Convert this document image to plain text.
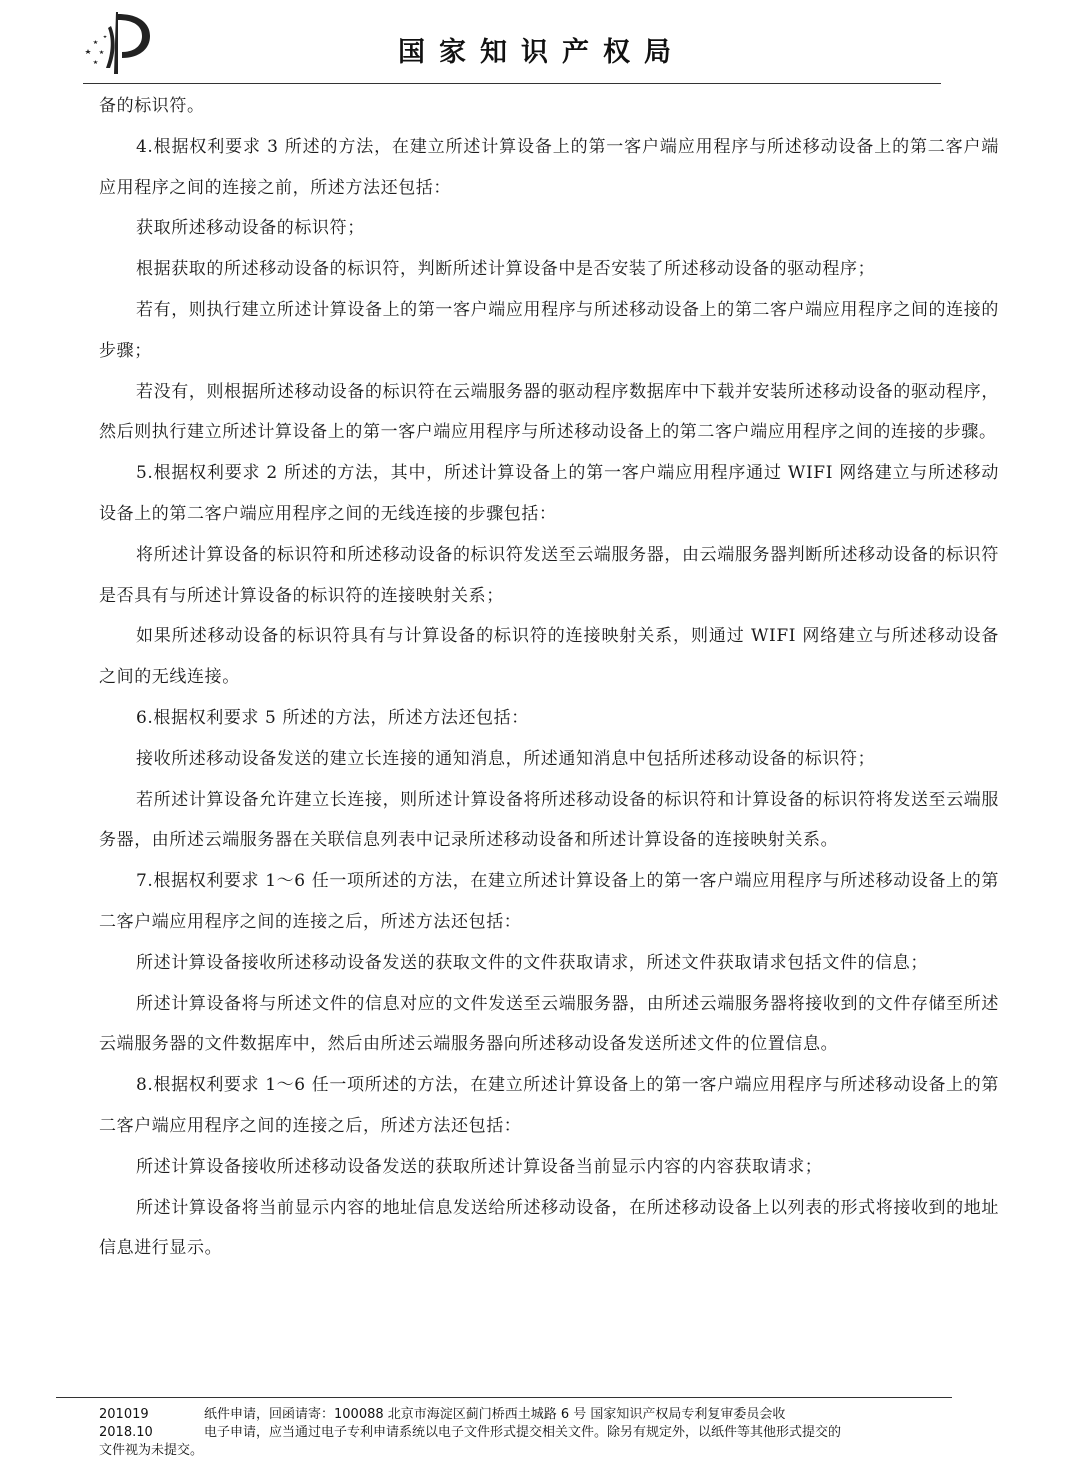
国家知识产权局

备的标识符。

4.根据权利要求 3 所述的方法，在建立所述计算设备上的第一客户端应用程序与所述移动设备上的第二客户端应用程序之间的连接之前，所述方法还包括：

获取所述移动设备的标识符；

根据获取的所述移动设备的标识符，判断所述计算设备中是否安装了所述移动设备的驱动程序；

若有，则执行建立所述计算设备上的第一客户端应用程序与所述移动设备上的第二客户端应用程序之间的连接的步骤；

若没有，则根据所述移动设备的标识符在云端服务器的驱动程序数据库中下载并安装所述移动设备的驱动程序，然后则执行建立所述计算设备上的第一客户端应用程序与所述移动设备上的第二客户端应用程序之间的连接的步骤。

5.根据权利要求 2 所述的方法，其中，所述计算设备上的第一客户端应用程序通过 WIFI 网络建立与所述移动设备上的第二客户端应用程序之间的无线连接的步骤包括：

将所述计算设备的标识符和所述移动设备的标识符发送至云端服务器，由云端服务器判断所述移动设备的标识符是否具有与所述计算设备的标识符的连接映射关系；

如果所述移动设备的标识符具有与计算设备的标识符的连接映射关系，则通过 WIFI 网络建立与所述移动设备之间的无线连接。

6.根据权利要求 5 所述的方法，所述方法还包括：

接收所述移动设备发送的建立长连接的通知消息，所述通知消息中包括所述移动设备的标识符；

若所述计算设备允许建立长连接，则所述计算设备将所述移动设备的标识符和计算设备的标识符将发送至云端服务器，由所述云端服务器在关联信息列表中记录所述移动设备和所述计算设备的连接映射关系。

7.根据权利要求 1～6 任一项所述的方法，在建立所述计算设备上的第一客户端应用程序与所述移动设备上的第二客户端应用程序之间的连接之后，所述方法还包括：

所述计算设备接收所述移动设备发送的获取文件的文件获取请求，所述文件获取请求包括文件的信息；

所述计算设备将与所述文件的信息对应的文件发送至云端服务器，由所述云端服务器将接收到的文件存储至所述云端服务器的文件数据库中，然后由所述云端服务器向所述移动设备发送所述文件的位置信息。

8.根据权利要求 1～6 任一项所述的方法，在建立所述计算设备上的第一客户端应用程序与所述移动设备上的第二客户端应用程序之间的连接之后，所述方法还包括：

所述计算设备接收所述移动设备发送的获取所述计算设备当前显示内容的内容获取请求；

所述计算设备将当前显示内容的地址信息发送给所述移动设备，在所述移动设备上以列表的形式将接收到的地址信息进行显示。

201019	纸件申请，回函请寄：100088 北京市海淀区蓟门桥西土城路 6 号 国家知识产权局专利复审委员会收
2018.10	电子申请，应当通过电子专利申请系统以电子文件形式提交相关文件。除另有规定外，以纸件等其他形式提交的
文件视为未提交。
